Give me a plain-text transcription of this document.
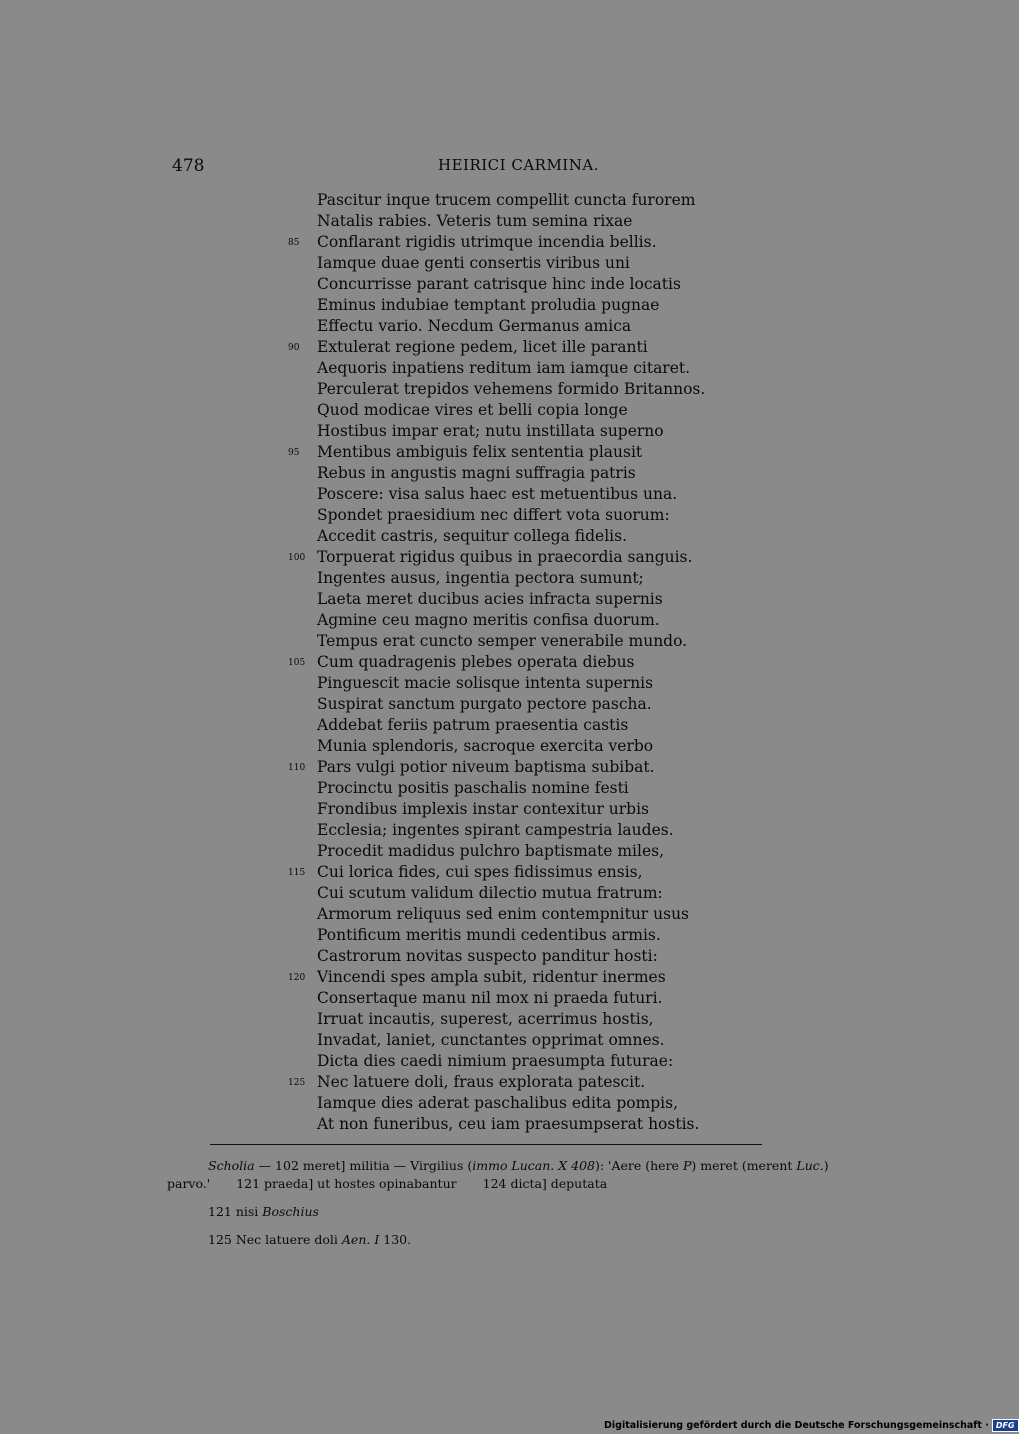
478	HEIRICI CARMINA.
Pascitur inque trucem compellit cuncta furorem
Natalis rabies. Veteris tum semina rixae
85	Conflarant rigidis utrimque incendia bellis.
Iamque duae genti consertis viribus uni
Concurrisse parant catrisque hinc inde locatis
Eminus indubiae temptant proludia pugnae
Effectu vario. Necdum Germanus amica
90	Extulerat regione pedem, licet ille paranti
Aequoris inpatiens reditum iam iamque citaret.
Perculerat trepidos vehemens formido Britannos.
Quod modicae vires et belli copia longe
Hostibus impar erat; nutu instillata superno
95	Mentibus ambiguis felix sententia plausit
Rebus in angustis magni suffragia patris
Poscere: visa salus haec est metuentibus una.
Spondet praesidium nec differt vota suorum:
Accedit castris, sequitur collega fidelis.
100 Torpuerat rigidus quibus in praecordia sanguis.
Ingentes ausus, ingentia pectora sumunt;
Laeta meret ducibus acies infracta supernis
Agmine ceu magno meritis confisa duorum.
Tempus erat cuncto semper venerabile mundo.
105 Cum quadragenis plebes operata diebus
Pinguescit macie solisque intenta supernis
Suspirat sanctum purgato pectore pascha.
Addebat feriis patrum praesentia castis
Munia splendoris, sacroque exercita verbo
110 Pars vulgi potior niveum baptisma subibat.
Procinctu positis paschalis nomine festi
Frondibus implexis instar contexitur urbis
Ecclesia; ingentes spirant campestria laudes.
Procedit madidus pulchro baptismate miles,
115 Cui lorica fides, cui spes fidissimus ensis,
Cui scutum validum dilectio mutua fratrum:
Armorum reliquus sed enim contempnitur usus
Pontificum meritis mundi cedentibus armis.
Castrorum novitas suspecto panditur hosti:
120 Vincendi spes ampla subit, ridentur inermes
Consertaque manu nil mox ni praeda futuri.
Irruat incautis, superest, acerrimus hostis,
Invadat, laniet, cunctantes opprimat omnes.
Dicta dies caedi nimium praesumpta futurae:
125 Nec latuere doli, fraus explorata patescit.
Iamque dies aderat paschalibus edita pompis,
At non funeribus, ceu iam praesumpserat hostis.
Scholia — 102 meret] militia — Virgilius (immo Lucan. X 408): 'Aere (here P) meret (merent Luc.)
parvo.' 121 praeda] ut hostes opinabantur 124 dicta] deputata
121 nisi Boschius
125 Nec latuere doli Aen. I 130.
Digitalisierung gefördert durch die Deutsche Forschungsgemeinschaft · DFG
